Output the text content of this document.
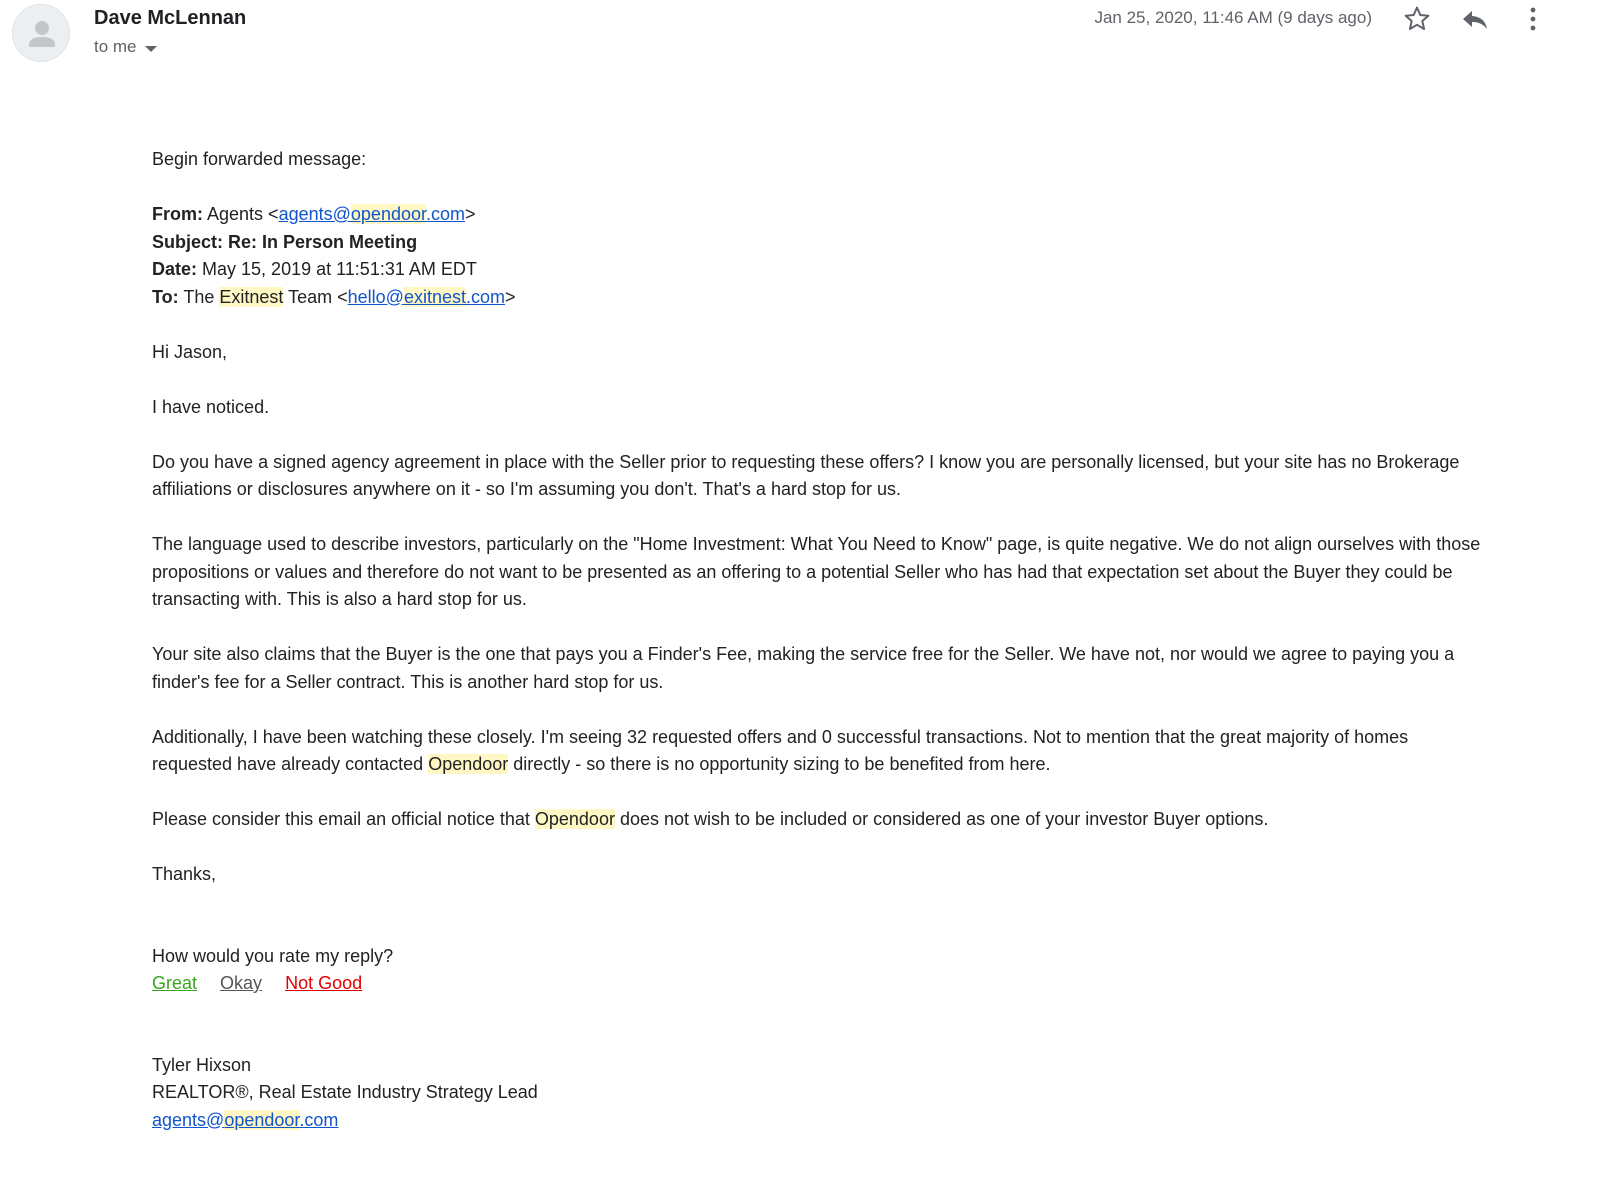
Dave McLennan
to me
Jan 25, 2020, 11:46 AM (9 days ago)

Begin forwarded message:

From: Agents <agents@opendoor.com>

Subject: Re: In Person Meeting

Date: May 15, 2019 at 11:51:31 AM EDT

To: The Exitnest Team <hello@exitnest.com>

Hi Jason,

I have noticed.

Do you have a signed agency agreement in place with the Seller prior to requesting these offers? I know you are personally licensed, but your site has no Brokerage affiliations or disclosures anywhere on it - so I'm assuming you don't. That's a hard stop for us.

The language used to describe investors, particularly on the "Home Investment: What You Need to Know" page, is quite negative. We do not align ourselves with those propositions or values and therefore do not want to be presented as an offering to a potential Seller who has had that expectation set about the Buyer they could be transacting with. This is also a hard stop for us.

Your site also claims that the Buyer is the one that pays you a Finder's Fee, making the service free for the Seller. We have not, nor would we agree to paying you a finder's fee for a Seller contract. This is another hard stop for us.

Additionally, I have been watching these closely. I'm seeing 32 requested offers and 0 successful transactions. Not to mention that the great majority of homes requested have already contacted Opendoor directly - so there is no opportunity sizing to be benefited from here.

Please consider this email an official notice that Opendoor does not wish to be included or considered as one of your investor Buyer options.

Thanks,

How would you rate my reply?

Great Okay Not Good

Tyler Hixson

REALTOR®, Real Estate Industry Strategy Lead

agents@opendoor.com
